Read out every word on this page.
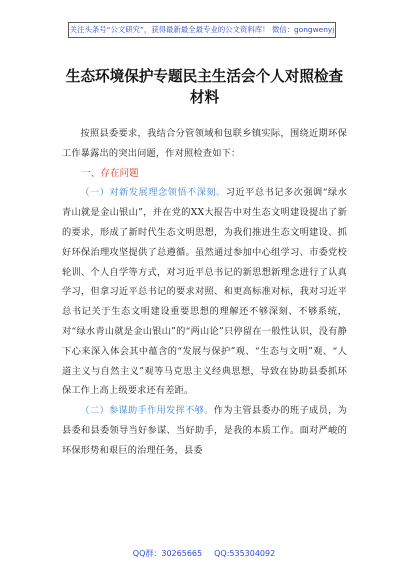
关注头条号“公文研究”，获得最新最全最专业的公文资料库！ 微信：gongwenyj
生态环境保护专题民主生活会个人对照检查材料

按照县委要求，我结合分管领域和包联乡镇实际，围绕近期环保工作暴露出的突出问题，作对照检查如下：

一、存在问题

（一）对新发展理念领悟不深刻。习近平总书记多次强调“绿水青山就是金山银山”，并在党的XX大报告中对生态文明建设提出了新的要求，形成了新时代生态文明思想，为我们推进生态文明建设、抓好环保治理攻坚提供了总遵循。虽然通过参加中心组学习、市委党校轮训、个人自学等方式，对习近平总书记的新思想新理念进行了认真学习，但拿习近平总书记的要求对照、和更高标准对标，我对习近平总书记关于生态文明建设重要思想的理解还不够深刻、不够系统，对“绿水青山就是金山银山”的“两山论”只停留在一般性认识，没有静下心来深入体会其中蕴含的“发展与保护”观、“生态与文明”观、“人道主义与自然主义”观等马克思主义经典思想，导致在协助县委抓环保工作上高上级要求还有差距。

（二）参谋助手作用发挥不够。作为主管县委办的班子成员，为县委和县委领导当好参谋、当好助手，是我的本质工作。面对严峻的环保形势和艰巨的治理任务，县委

QQ群：30265665 QQ:535304092
